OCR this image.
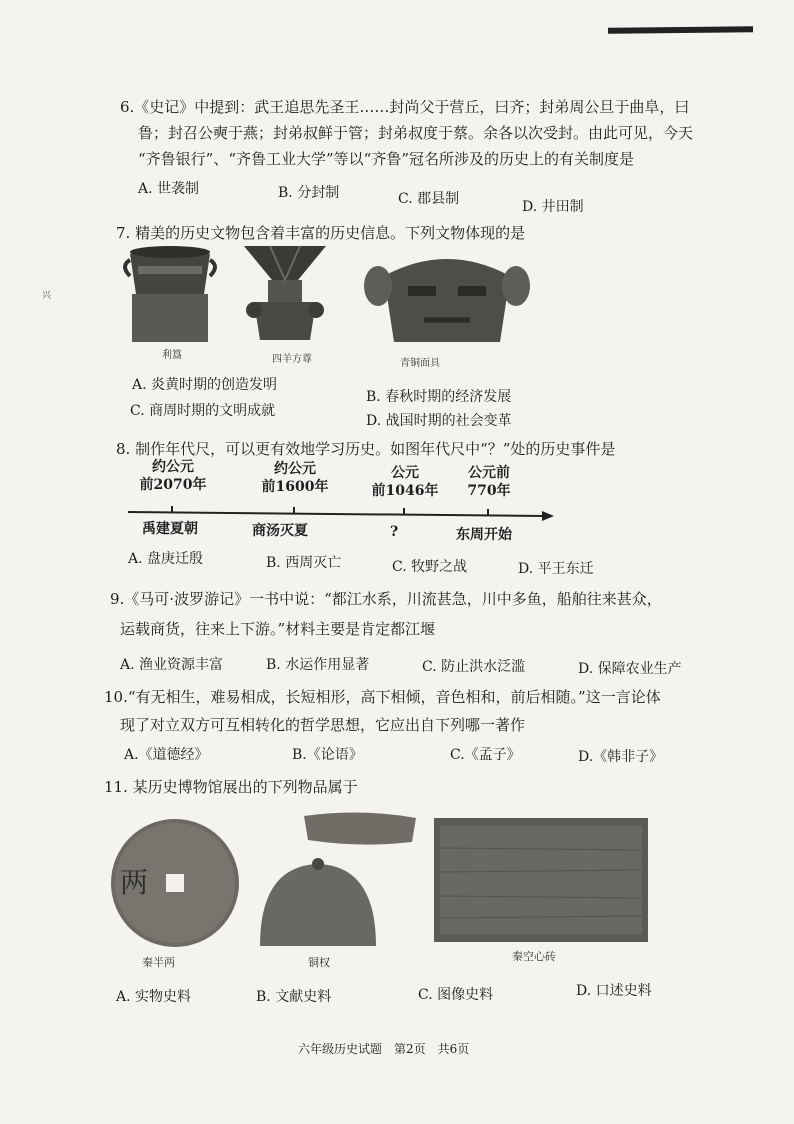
兴
6.《史记》中提到：武王追思先圣王……封尚父于营丘，曰齐；封弟周公旦于曲阜，曰
鲁；封召公奭于燕；封弟叔鲜于管；封弟叔度于蔡。余各以次受封。由此可见，今天
“齐鲁银行”、“齐鲁工业大学”等以“齐鲁”冠名所涉及的历史上的有关制度是
A. 世袭制	B. 分封制	C. 郡县制	D. 井田制
7. 精美的历史文物包含着丰富的历史信息。下列文物体现的是
利簋	四羊方尊	青铜面具
A. 炎黄时期的创造发明
B. 春秋时期的经济发展
C. 商周时期的文明成就
D. 战国时期的社会变革
8. 制作年代尺，可以更有效地学习历史。如图年代尺中“？”处的历史事件是
约公元
前2070年
约公元
前1600年
公元
前1046年
公元前
770年
禹建夏朝	商汤灭夏	?	东周开始
A. 盘庚迁殷	B. 西周灭亡	C. 牧野之战	D. 平王东迁
9.《马可·波罗游记》一书中说：“都江水系，川流甚急，川中多鱼，船舶往来甚众，
运载商货，往来上下游。”材料主要是肯定都江堰
A. 渔业资源丰富	B. 水运作用显著	C. 防止洪水泛滥	D. 保障农业生产
10.“有无相生，难易相成，长短相形，高下相倾，音色相和，前后相随。”这一言论体
现了对立双方可互相转化的哲学思想，它应出自下列哪一著作
A.《道德经》	B.《论语》	C.《孟子》	D.《韩非子》
11. 某历史博物馆展出的下列物品属于
两
秦半两	铜权	秦空心砖
A. 实物史料	B. 文献史料	C. 图像史料	D. 口述史料
六年级历史试题　第2页　共6页
